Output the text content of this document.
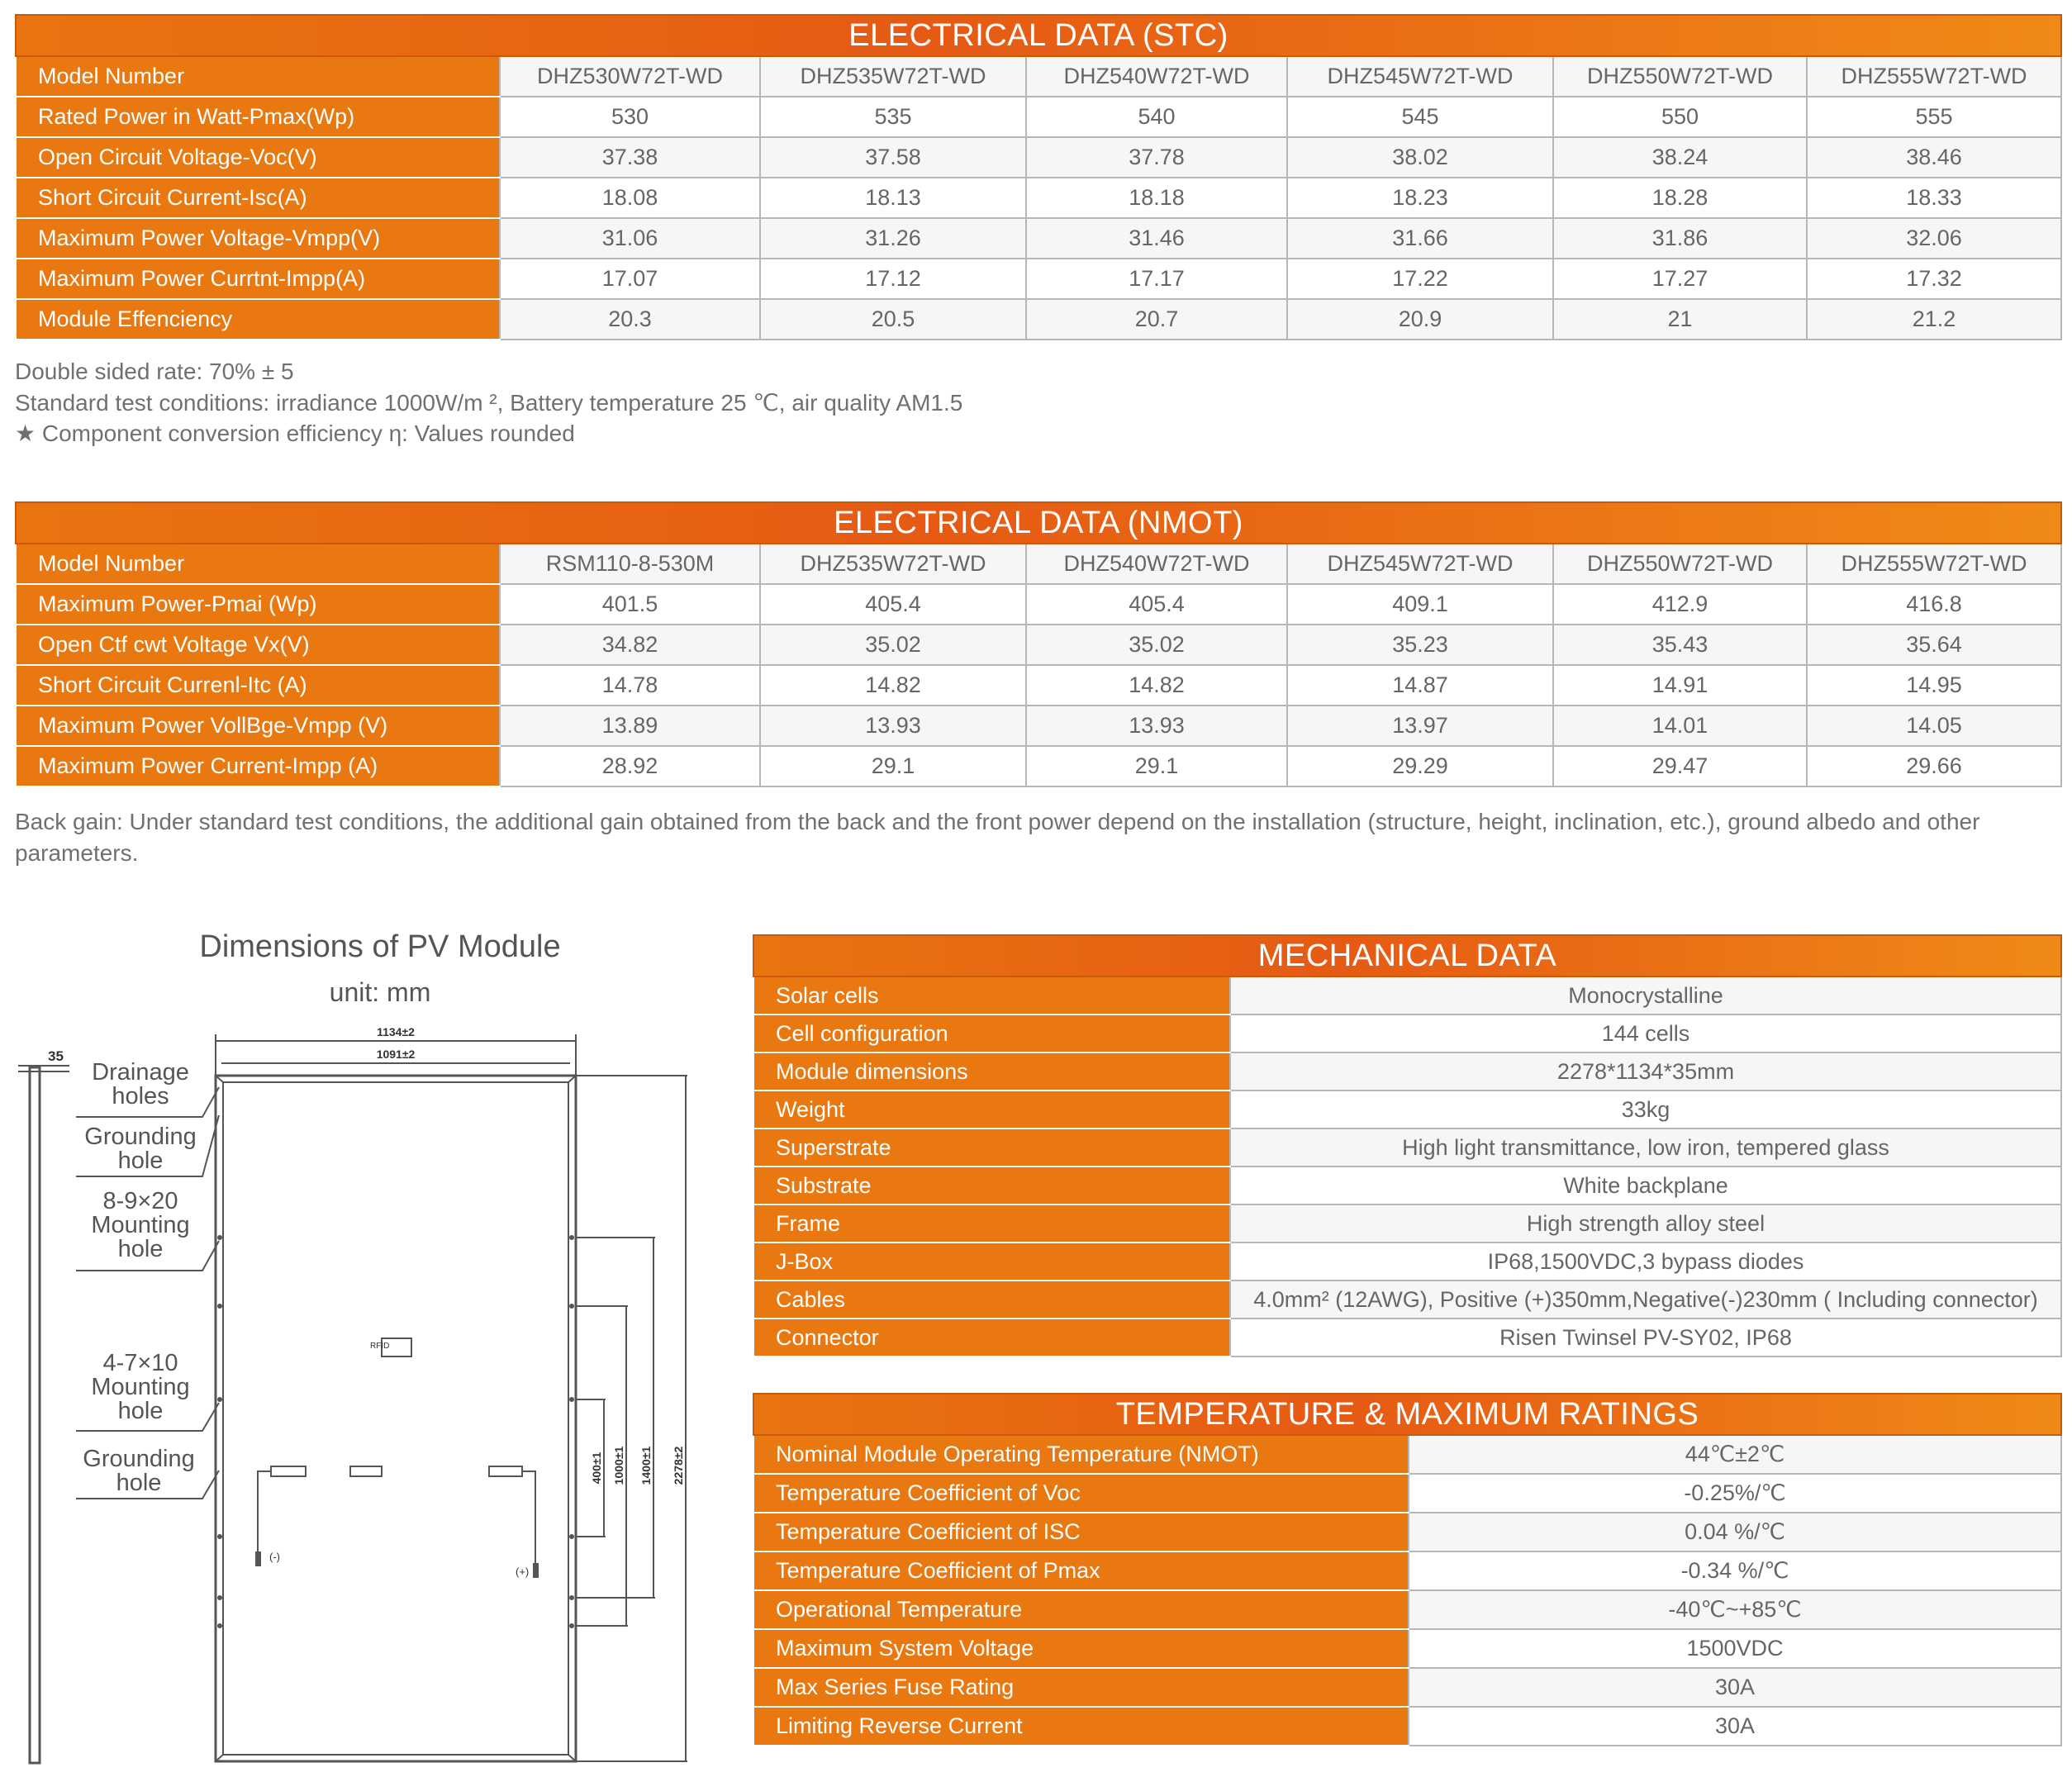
ELECTRICAL DATA (STC)						
Model Number	DHZ530W72T-WD	DHZ535W72T-WD	DHZ540W72T-WD	DHZ545W72T-WD	DHZ550W72T-WD	DHZ555W72T-WD
Rated Power in Watt-Pmax(Wp)	530	535	540	545	550	555
Open Circuit Voltage-Voc(V)	37.38	37.58	37.78	38.02	38.24	38.46
Short Circuit Current-Isc(A)	18.08	18.13	18.18	18.23	18.28	18.33
Maximum Power Voltage-Vmpp(V)	31.06	31.26	31.46	31.66	31.86	32.06
Maximum Power Currtnt-Impp(A)	17.07	17.12	17.17	17.22	17.27	17.32
Module Effenciency	20.3	20.5	20.7	20.9	21	21.2
Double sided rate: 70% ± 5
Standard test conditions: irradiance 1000W/m ², Battery temperature 25 ℃, air quality AM1.5
★ Component conversion efficiency η: Values rounded
ELECTRICAL DATA (NMOT)						
Model Number	RSM110-8-530M	DHZ535W72T-WD	DHZ540W72T-WD	DHZ545W72T-WD	DHZ550W72T-WD	DHZ555W72T-WD
Maximum Power-Pmai (Wp)	401.5	405.4	405.4	409.1	412.9	416.8
Open Ctf cwt Voltage Vx(V)	34.82	35.02	35.02	35.23	35.43	35.64
Short Circuit Currenl-Itc (A)	14.78	14.82	14.82	14.87	14.91	14.95
Maximum Power VollBge-Vmpp (V)	13.89	13.93	13.93	13.97	14.01	14.05
Maximum Power Current-Impp (A)	28.92	29.1	29.1	29.29	29.47	29.66
Back gain: Under standard test conditions, the additional gain obtained from the back and the front power depend on the installation (structure, height, inclination, etc.), ground albedo and other parameters.
MECHANICAL DATA	
Solar cells	Monocrystalline
Cell configuration	144 cells
Module dimensions	2278*1134*35mm
Weight	33kg
Superstrate	High light transmittance, low iron, tempered glass
Substrate	White backplane
Frame	High strength alloy steel
J-Box	IP68,1500VDC,3 bypass diodes
Cables	4.0mm² (12AWG), Positive (+)350mm,Negative(-)230mm ( Including connector)
Connector	Risen Twinsel PV-SY02, IP68
TEMPERATURE & MAXIMUM RATINGS	
Nominal Module Operating Temperature (NMOT)	44℃±2℃
Temperature Coefficient of Voc	-0.25%/℃
Temperature Coefficient of ISC	0.04 %/℃
Temperature Coefficient of Pmax	-0.34 %/℃
Operational Temperature	-40℃~+85℃
Maximum System Voltage	1500VDC
Max Series Fuse Rating	30A
Limiting Reverse Current	30A
Dimensions of PV Module
unit: mm
Drainage holes
Grounding hole
8-9×20 Mounting hole
4-7×10 Mounting hole
Grounding hole
35
1134±2
1091±2
RFID
(-)
(+)
400±1 1000±1 1400±1 2278±2
